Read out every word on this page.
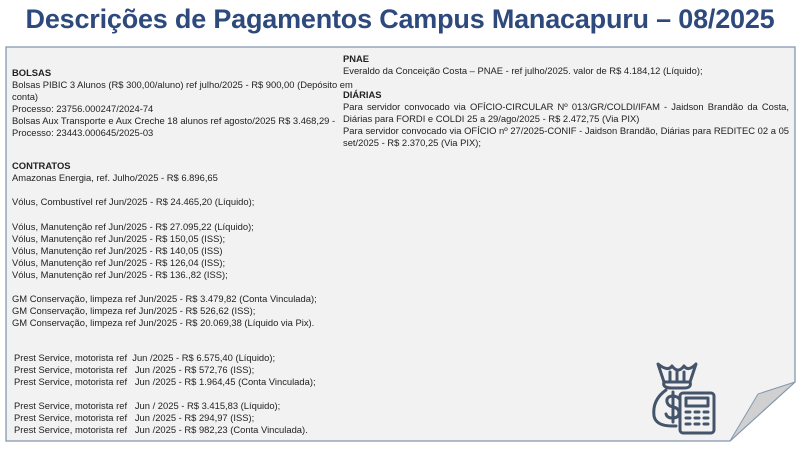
Descrições de Pagamentos Campus Manacapuru – 08/2025
BOLSAS
Bolsas PIBIC 3 Alunos (R$ 300,00/aluno) ref julho/2025 - R$ 900,00 (Depósito em
conta)
Processo: 23756.000247/2024-74
Bolsas Aux Transporte e Aux Creche 18 alunos ref agosto/2025 R$ 3.468,29 -
Processo: 23443.000645/2025-03
CONTRATOS
Amazonas Energia, ref. Julho/2025 - R$ 6.896,65
Vólus, Combustível ref Jun/2025 - R$ 24.465,20 (Líquido);
Vólus, Manutenção ref Jun/2025 - R$ 27.095,22 (Líquido);
Vólus, Manutenção ref Jun/2025 - R$ 150,05 (ISS);
Vólus, Manutenção ref Jun/2025 - R$ 140,05 (ISS)
Vólus, Manutenção ref Jun/2025 - R$ 126,04 (ISS);
Vólus, Manutenção ref Jun/2025 - R$ 136.,82 (ISS);
GM Conservação, limpeza ref Jun/2025 - R$ 3.479,82 (Conta Vinculada);
GM Conservação, limpeza ref Jun/2025 - R$ 526,62 (ISS);
GM Conservação, limpeza ref Jun/2025 - R$ 20.069,38 (Líquido via Pix).
Prest Service, motorista ref  Jun /2025 - R$ 6.575,40 (Líquido);
Prest Service, motorista ref   Jun /2025 - R$ 572,76 (ISS);
Prest Service, motorista ref   Jun /2025 - R$ 1.964,45 (Conta Vinculada);
Prest Service, motorista ref   Jun / 2025 - R$ 3.415,83 (Líquido);
Prest Service, motorista ref   Jun /2025 - R$ 294,97 (ISS);
Prest Service, motorista ref   Jun /2025 - R$ 982,23 (Conta Vinculada).
PNAE
Everaldo da Conceição Costa – PNAE - ref julho/2025. valor de R$ 4.184,12 (Líquido);
DIÁRIAS
Para servidor convocado via OFÍCIO-CIRCULAR Nº 013/GR/COLDI/IFAM - Jaidson Brandão da Costa, Diárias para FORDI e COLDI 25 a 29/ago/2025 - R$ 2.472,75 (Via PIX)
Para servidor convocado via OFÍCIO nº 27/2025-CONIF - Jaidson Brandão, Diárias para REDITEC 02 a 05 set/2025 - R$ 2.370,25 (Via PIX);
